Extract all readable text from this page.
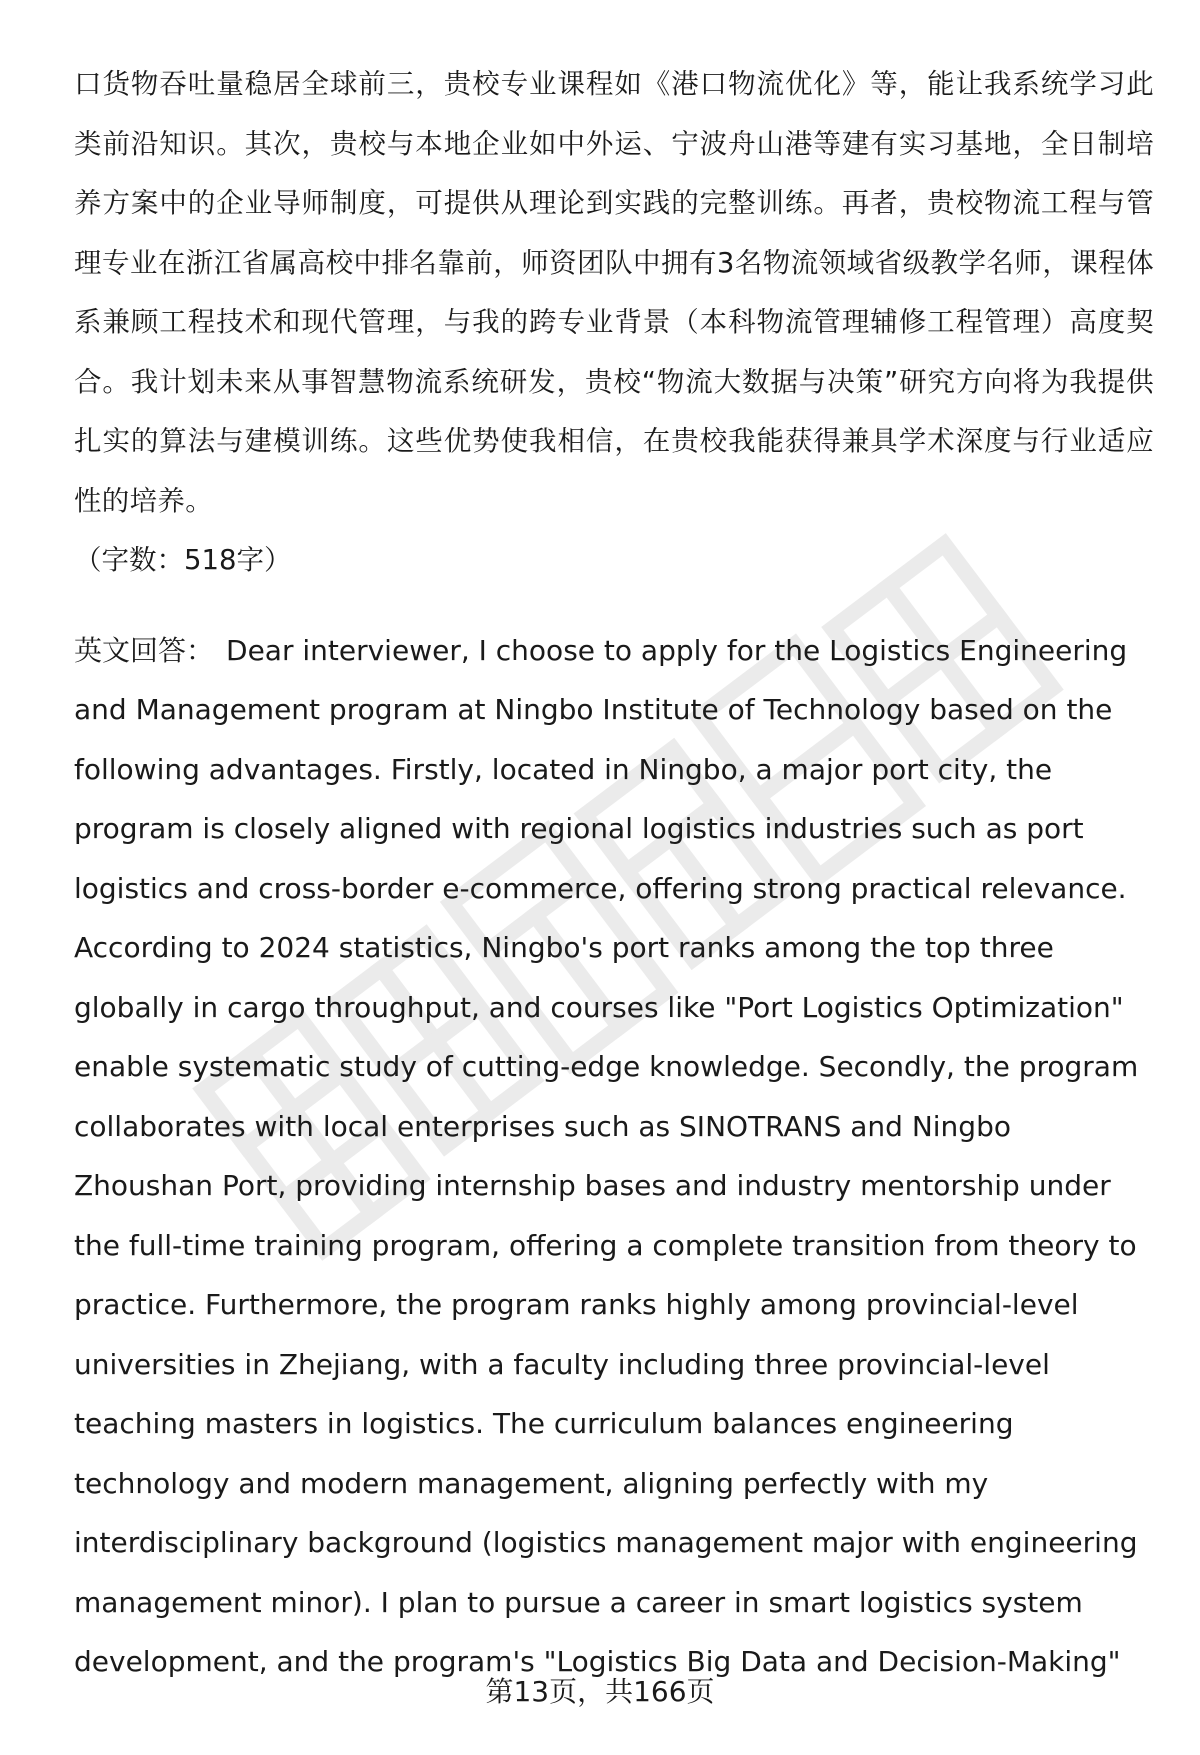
口货物吞吐量稳居全球前三，贵校专业课程如《港口物流优化》等，能让我系统学习此类前沿知识。其次，贵校与本地企业如中外运、宁波舟山港等建有实习基地，全日制培养方案中的企业导师制度，可提供从理论到实践的完整训练。再者，贵校物流工程与管理专业在浙江省属高校中排名靠前，师资团队中拥有3名物流领域省级教学名师，课程体系兼顾工程技术和现代管理，与我的跨专业背景（本科物流管理辅修工程管理）高度契合。我计划未来从事智慧物流系统研发，贵校“物流大数据与决策”研究方向将为我提供扎实的算法与建模训练。这些优势使我相信，在贵校我能获得兼具学术深度与行业适应性的培养。

（字数：518字）

英文回答： Dear interviewer, I choose to apply for the Logistics Engineering and Management program at Ningbo Institute of Technology based on the following advantages. Firstly, located in Ningbo, a major port city, the program is closely aligned with regional logistics industries such as port logistics and cross-border e-commerce, offering strong practical relevance. According to 2024 statistics, Ningbo's port ranks among the top three globally in cargo throughput, and courses like "Port Logistics Optimization" enable systematic study of cutting-edge knowledge. Secondly, the program collaborates with local enterprises such as SINOTRANS and Ningbo Zhoushan Port, providing internship bases and industry mentorship under the full-time training program, offering a complete transition from theory to practice. Furthermore, the program ranks highly among provincial-level universities in Zhejiang, with a faculty including three provincial-level teaching masters in logistics. The curriculum balances engineering technology and modern management, aligning perfectly with my interdisciplinary background (logistics management major with engineering management minor). I plan to pursue a career in smart logistics system development, and the program's "Logistics Big Data and Decision-Making"

第13页，共166页
